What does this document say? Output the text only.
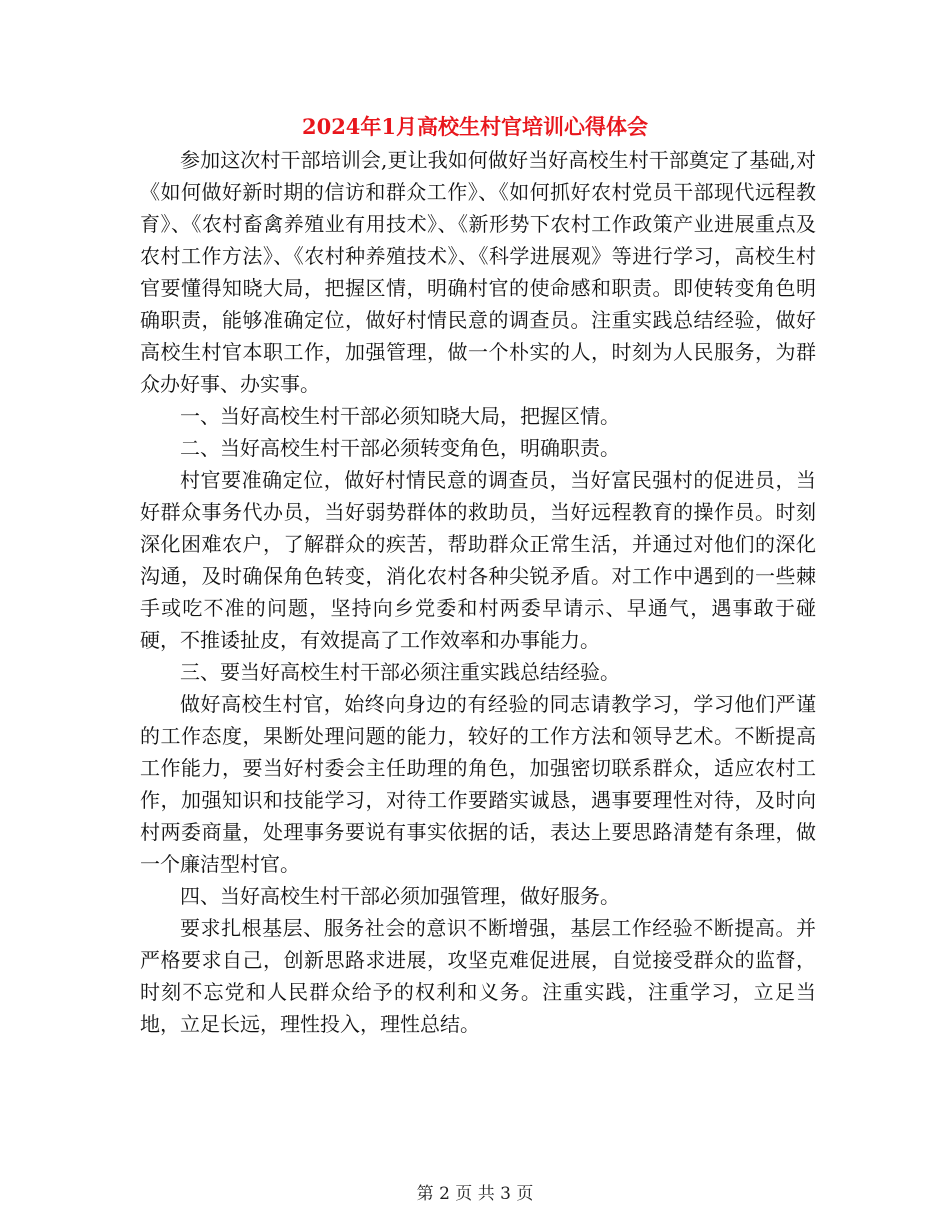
2024年1月高校生村官培训心得体会

参加这次村干部培训会,更让我如何做好当好高校生村干部奠定了基础,对《如何做好新时期的信访和群众工作》、《如何抓好农村党员干部现代远程教育》、《农村畜禽养殖业有用技术》、《新形势下农村工作政策产业进展重点及农村工作方法》、《农村种养殖技术》、《科学进展观》等进行学习，高校生村官要懂得知晓大局，把握区情，明确村官的使命感和职责。即使转变角色明确职责，能够准确定位，做好村情民意的调查员。注重实践总结经验，做好高校生村官本职工作，加强管理，做一个朴实的人，时刻为人民服务，为群众办好事、办实事。

一、当好高校生村干部必须知晓大局，把握区情。

二、当好高校生村干部必须转变角色，明确职责。

村官要准确定位，做好村情民意的调查员，当好富民强村的促进员，当好群众事务代办员，当好弱势群体的救助员，当好远程教育的操作员。时刻深化困难农户，了解群众的疾苦，帮助群众正常生活，并通过对他们的深化沟通，及时确保角色转变，消化农村各种尖锐矛盾。对工作中遇到的一些棘手或吃不准的问题，坚持向乡党委和村两委早请示、早通气，遇事敢于碰硬，不推诿扯皮，有效提高了工作效率和办事能力。

三、要当好高校生村干部必须注重实践总结经验。

做好高校生村官，始终向身边的有经验的同志请教学习，学习他们严谨的工作态度，果断处理问题的能力，较好的工作方法和领导艺术。不断提高工作能力，要当好村委会主任助理的角色，加强密切联系群众，适应农村工作，加强知识和技能学习，对待工作要踏实诚恳，遇事要理性对待，及时向村两委商量，处理事务要说有事实依据的话，表达上要思路清楚有条理，做一个廉洁型村官。

四、当好高校生村干部必须加强管理，做好服务。

要求扎根基层、服务社会的意识不断增强，基层工作经验不断提高。并严格要求自己，创新思路求进展，攻坚克难促进展，自觉接受群众的监督，时刻不忘党和人民群众给予的权利和义务。注重实践，注重学习，立足当地，立足长远，理性投入，理性总结。

第 2 页 共 3 页
